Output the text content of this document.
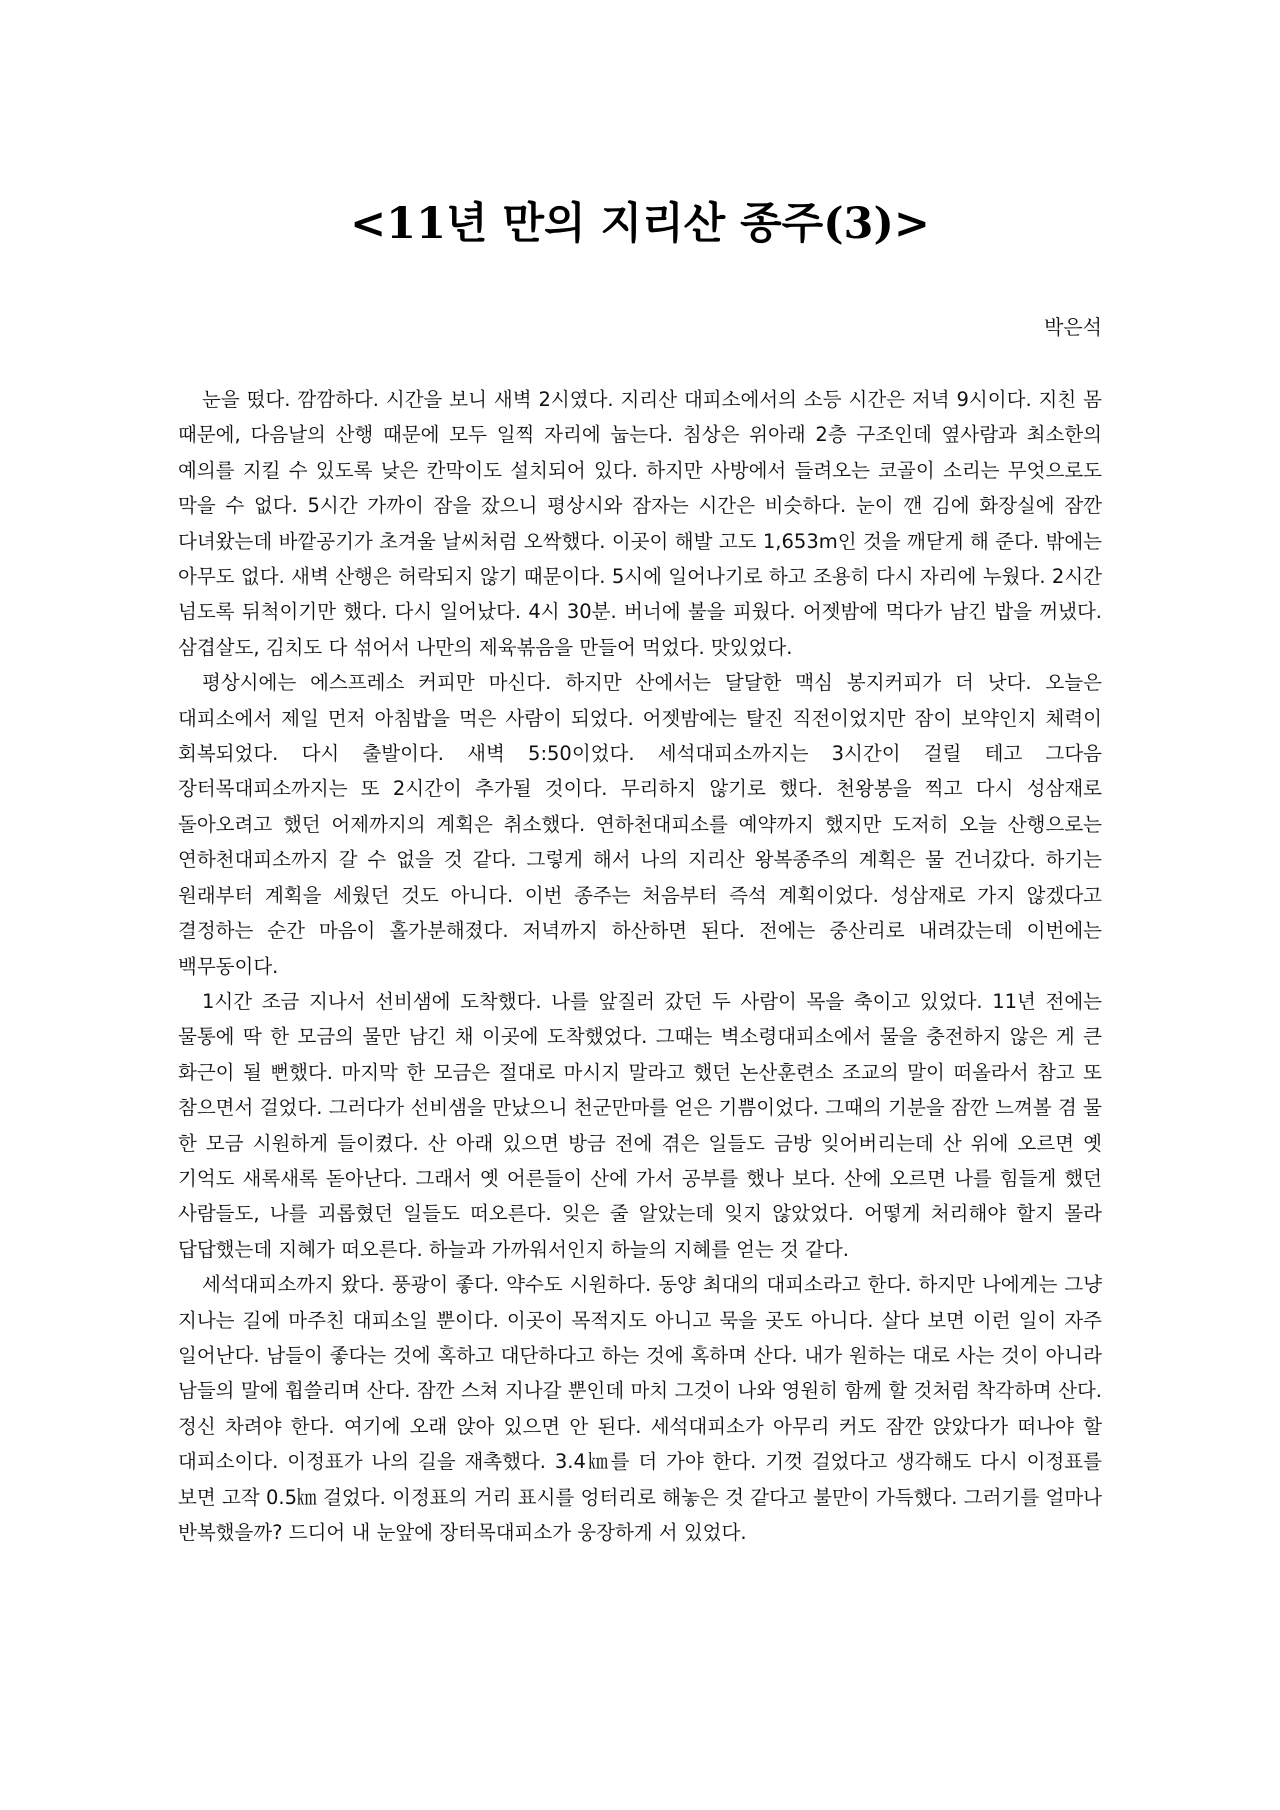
<11년 만의 지리산 종주(3)>
박은석

눈을 떴다. 깜깜하다. 시간을 보니 새벽 2시였다. 지리산 대피소에서의 소등 시간은 저녁 9시이다. 지친 몸 때문에, 다음날의 산행 때문에 모두 일찍 자리에 눕는다. 침상은 위아래 2층 구조인데 옆사람과 최소한의 예의를 지킬 수 있도록 낮은 칸막이도 설치되어 있다. 하지만 사방에서 들려오는 코골이 소리는 무엇으로도 막을 수 없다. 5시간 가까이 잠을 잤으니 평상시와 잠자는 시간은 비슷하다. 눈이 깬 김에 화장실에 잠깐 다녀왔는데 바깥공기가 초겨울 날씨처럼 오싹했다. 이곳이 해발 고도 1,653m인 것을 깨닫게 해 준다. 밖에는 아무도 없다. 새벽 산행은 허락되지 않기 때문이다. 5시에 일어나기로 하고 조용히 다시 자리에 누웠다. 2시간 넘도록 뒤척이기만 했다. 다시 일어났다. 4시 30분. 버너에 불을 피웠다. 어젯밤에 먹다가 남긴 밥을 꺼냈다. 삼겹살도, 김치도 다 섞어서 나만의 제육볶음을 만들어 먹었다. 맛있었다.

평상시에는 에스프레소 커피만 마신다. 하지만 산에서는 달달한 맥심 봉지커피가 더 낫다. 오늘은 대피소에서 제일 먼저 아침밥을 먹은 사람이 되었다. 어젯밤에는 탈진 직전이었지만 잠이 보약인지 체력이 회복되었다. 다시 출발이다. 새벽 5:50이었다. 세석대피소까지는 3시간이 걸릴 테고 그다음 장터목대피소까지는 또 2시간이 추가될 것이다. 무리하지 않기로 했다. 천왕봉을 찍고 다시 성삼재로 돌아오려고 했던 어제까지의 계획은 취소했다. 연하천대피소를 예약까지 했지만 도저히 오늘 산행으로는 연하천대피소까지 갈 수 없을 것 같다. 그렇게 해서 나의 지리산 왕복종주의 계획은 물 건너갔다. 하기는 원래부터 계획을 세웠던 것도 아니다. 이번 종주는 처음부터 즉석 계획이었다. 성삼재로 가지 않겠다고 결정하는 순간 마음이 홀가분해졌다. 저녁까지 하산하면 된다. 전에는 중산리로 내려갔는데 이번에는 백무동이다.

1시간 조금 지나서 선비샘에 도착했다. 나를 앞질러 갔던 두 사람이 목을 축이고 있었다. 11년 전에는 물통에 딱 한 모금의 물만 남긴 채 이곳에 도착했었다. 그때는 벽소령대피소에서 물을 충전하지 않은 게 큰 화근이 될 뻔했다. 마지막 한 모금은 절대로 마시지 말라고 했던 논산훈련소 조교의 말이 떠올라서 참고 또 참으면서 걸었다. 그러다가 선비샘을 만났으니 천군만마를 얻은 기쁨이었다. 그때의 기분을 잠깐 느껴볼 겸 물 한 모금 시원하게 들이켰다. 산 아래 있으면 방금 전에 겪은 일들도 금방 잊어버리는데 산 위에 오르면 옛 기억도 새록새록 돋아난다. 그래서 옛 어른들이 산에 가서 공부를 했나 보다. 산에 오르면 나를 힘들게 했던 사람들도, 나를 괴롭혔던 일들도 떠오른다. 잊은 줄 알았는데 잊지 않았었다. 어떻게 처리해야 할지 몰라 답답했는데 지혜가 떠오른다. 하늘과 가까워서인지 하늘의 지혜를 얻는 것 같다.

세석대피소까지 왔다. 풍광이 좋다. 약수도 시원하다. 동양 최대의 대피소라고 한다. 하지만 나에게는 그냥 지나는 길에 마주친 대피소일 뿐이다. 이곳이 목적지도 아니고 묵을 곳도 아니다. 살다 보면 이런 일이 자주 일어난다. 남들이 좋다는 것에 혹하고 대단하다고 하는 것에 혹하며 산다. 내가 원하는 대로 사는 것이 아니라 남들의 말에 휩쓸리며 산다. 잠깐 스쳐 지나갈 뿐인데 마치 그것이 나와 영원히 함께 할 것처럼 착각하며 산다. 정신 차려야 한다. 여기에 오래 앉아 있으면 안 된다. 세석대피소가 아무리 커도 잠깐 앉았다가 떠나야 할 대피소이다. 이정표가 나의 길을 재촉했다. 3.4㎞를 더 가야 한다. 기껏 걸었다고 생각해도 다시 이정표를 보면 고작 0.5㎞ 걸었다. 이정표의 거리 표시를 엉터리로 해놓은 것 같다고 불만이 가득했다. 그러기를 얼마나 반복했을까? 드디어 내 눈앞에 장터목대피소가 웅장하게 서 있었다.
